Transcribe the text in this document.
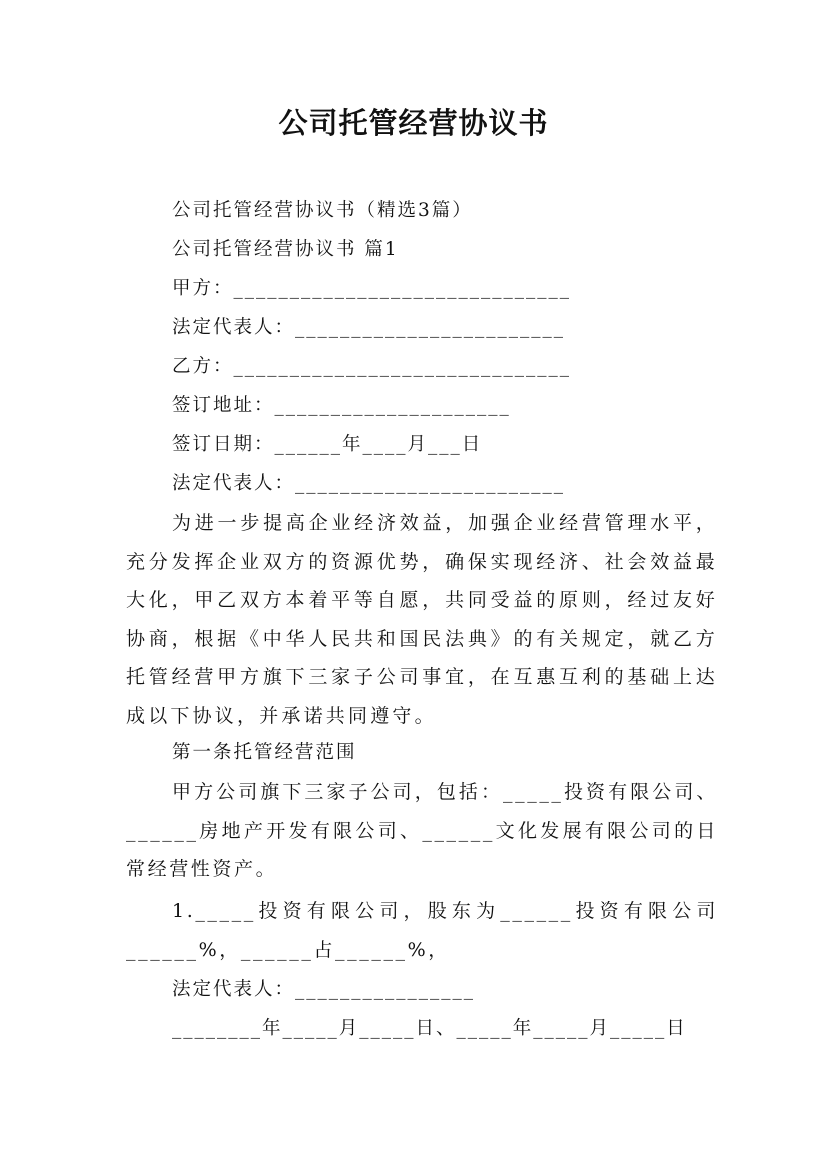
公司托管经营协议书
公司托管经营协议书（精选3篇）
公司托管经营协议书 篇1
甲方：______________________________
法定代表人：________________________
乙方：______________________________
签订地址：_____________________
签订日期：______年____月___日
法定代表人：________________________
为进一步提高企业经济效益，加强企业经营管理水平，充分发挥企业双方的资源优势，确保实现经济、社会效益最大化，甲乙双方本着平等自愿，共同受益的原则，经过友好协商，根据《中华人民共和国民法典》的有关规定，就乙方托管经营甲方旗下三家子公司事宜，在互惠互利的基础上达成以下协议，并承诺共同遵守。
第一条托管经营范围
甲方公司旗下三家子公司，包括：_____投资有限公司、______房地产开发有限公司、______文化发展有限公司的日常经营性资产。
1._____投资有限公司，股东为______投资有限公司______%，______占______%，
法定代表人：________________
________年_____月_____日、_____年_____月_____日
